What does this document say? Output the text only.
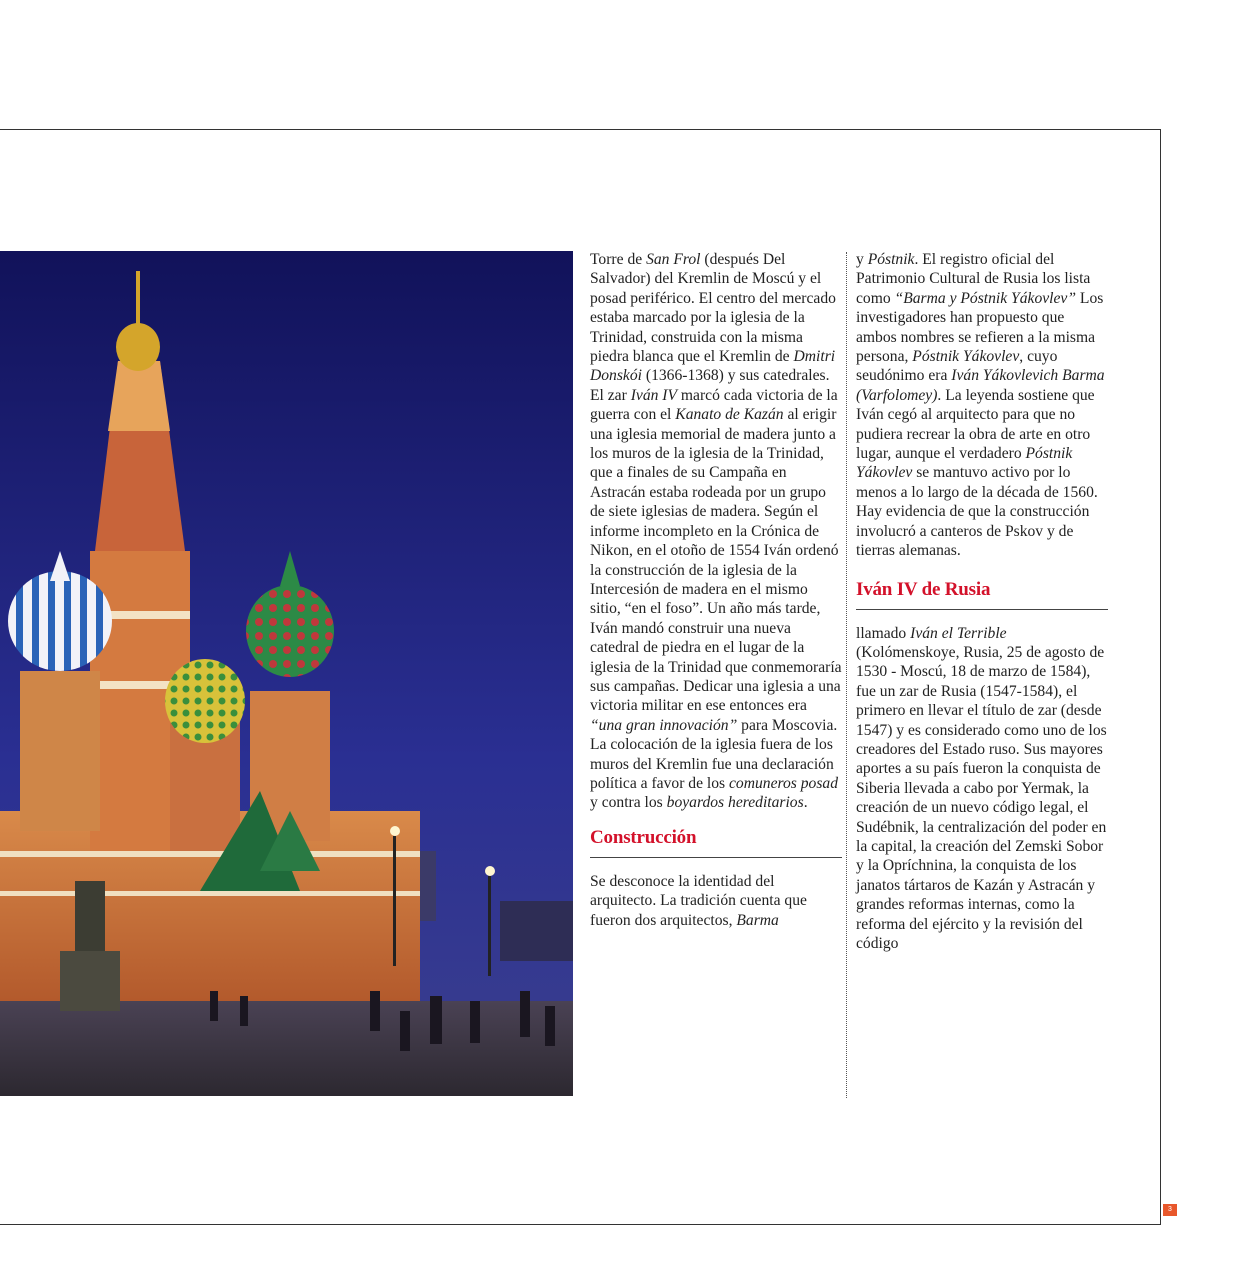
Torre de San Frol (después Del Salvador) del Kremlin de Moscú y el posad periférico. El centro del mercado estaba marcado por la iglesia de la Trinidad, construida con la misma piedra blanca que el Kremlin de Dmitri Donskói (1366-1368) y sus catedrales. El zar Iván IV marcó cada victoria de la guerra con el Kanato de Kazán al erigir una iglesia memorial de madera junto a los muros de la iglesia de la Trinidad, que a finales de su Campaña en Astracán estaba rodeada por un grupo de siete iglesias de madera. Según el informe incompleto en la Crónica de Nikon, en el otoño de 1554 Iván ordenó la construcción de la iglesia de la Intercesión de madera en el mismo sitio, “en el foso”. Un año más tarde, Iván mandó construir una nueva catedral de piedra en el lugar de la iglesia de la Trinidad que conmemoraría sus campañas. Dedicar una iglesia a una victoria militar en ese entonces era “una gran innovación” para Moscovia. La colocación de la iglesia fuera de los muros del Kremlin fue una declaración política a favor de los comuneros posad y contra los boyardos hereditarios.

Construcción

Se desconoce la identidad del arquitecto. La tradición cuenta que fueron dos arquitectos, Barma

y Póstnik. El registro oficial del Patrimonio Cultural de Rusia los lista como “Barma y Póstnik Yákovlev” Los investigadores han propuesto que ambos nombres se refieren a la misma persona, Póstnik Yákovlev, cuyo seudónimo era Iván Yákovlevich Barma (Varfolomey). La leyenda sostiene que Iván cegó al arquitecto para que no pudiera recrear la obra de arte en otro lugar, aunque el verdadero Póstnik Yákovlev se mantuvo activo por lo menos a lo largo de la década de 1560. Hay evidencia de que la construcción involucró a canteros de Pskov y de tierras alemanas.

Iván IV de Rusia

llamado Iván el Terrible (Kolómenskoye, Rusia, 25 de agosto de 1530 - Moscú, 18 de marzo de 1584), fue un zar de Rusia (1547-1584), el primero en llevar el título de zar (desde 1547) y es considerado como uno de los creadores del Estado ruso. Sus mayores aportes a su país fueron la conquista de Siberia llevada a cabo por Yermak, la creación de un nuevo código legal, el Sudébnik, la centralización del poder en la capital, la creación del Zemski Sobor y la Opríchnina, la conquista de los janatos tártaros de Kazán y Astracán y grandes reformas internas, como la reforma del ejército y la revisión del código

3
